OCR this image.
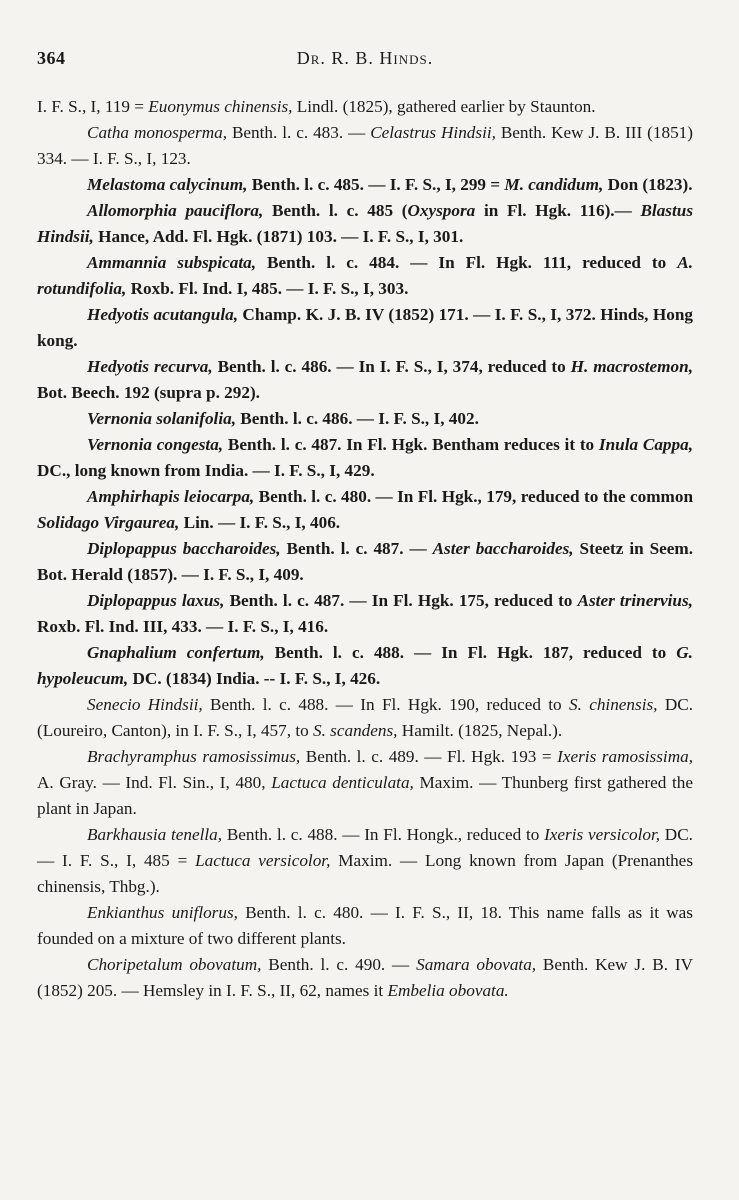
364	Dr. R. B. Hinds.

I. F. S., I, 119 = Euonymus chinensis, Lindl. (1825), gathered earlier by Staunton.

Catha monosperma, Benth. l. c. 483. — Celastrus Hindsii, Benth. Kew J. B. III (1851) 334. — I. F. S., I, 123.

Melastoma calycinum, Benth. l. c. 485. — I. F. S., I, 299 = M. candidum, Don (1823).

Allomorphia pauciflora, Benth. l. c. 485 (Oxyspora in Fl. Hgk. 116).— Blastus Hindsii, Hance, Add. Fl. Hgk. (1871) 103. — I. F. S., I, 301.

Ammannia subspicata, Benth. l. c. 484. — In Fl. Hgk. 111, reduced to A. rotundifolia, Roxb. Fl. Ind. I, 485. — I. F. S., I, 303.

Hedyotis acutangula, Champ. K. J. B. IV (1852) 171. — I. F. S., I, 372. Hinds, Hong kong.

Hedyotis recurva, Benth. l. c. 486. — In I. F. S., I, 374, reduced to H. macrostemon, Bot. Beech. 192 (supra p. 292).

Vernonia solanifolia, Benth. l. c. 486. — I. F. S., I, 402.

Vernonia congesta, Benth. l. c. 487. In Fl. Hgk. Bentham reduces it to Inula Cappa, DC., long known from India. — I. F. S., I, 429.

Amphirhapis leiocarpa, Benth. l. c. 480. — In Fl. Hgk., 179, reduced to the common Solidago Virgaurea, Lin. — I. F. S., I, 406.

Diplopappus baccharoides, Benth. l. c. 487. — Aster baccharoides, Steetz in Seem. Bot. Herald (1857). — I. F. S., I, 409.

Diplopappus laxus, Benth. l. c. 487. — In Fl. Hgk. 175, reduced to Aster trinervius, Roxb. Fl. Ind. III, 433. — I. F. S., I, 416.

Gnaphalium confertum, Benth. l. c. 488. — In Fl. Hgk. 187, reduced to G. hypoleucum, DC. (1834) India. -- I. F. S., I, 426.

Senecio Hindsii, Benth. l. c. 488. — In Fl. Hgk. 190, reduced to S. chinensis, DC. (Loureiro, Canton), in I. F. S., I, 457, to S. scandens, Hamilt. (1825, Nepal.).

Brachyramphus ramosissimus, Benth. l. c. 489. — Fl. Hgk. 193 = Ixeris ramosissima, A. Gray. — Ind. Fl. Sin., I, 480, Lactuca denticulata, Maxim. — Thunberg first gathered the plant in Japan.

Barkhausia tenella, Benth. l. c. 488. — In Fl. Hongk., reduced to Ixeris versicolor, DC. — I. F. S., I, 485 = Lactuca versicolor, Maxim. — Long known from Japan (Prenanthes chinensis, Thbg.).

Enkianthus uniflorus, Benth. l. c. 480. — I. F. S., II, 18. This name falls as it was founded on a mixture of two different plants.

Choripetalum obovatum, Benth. l. c. 490. — Samara obovata, Benth. Kew J. B. IV (1852) 205. — Hemsley in I. F. S., II, 62, names it Embelia obovata.
